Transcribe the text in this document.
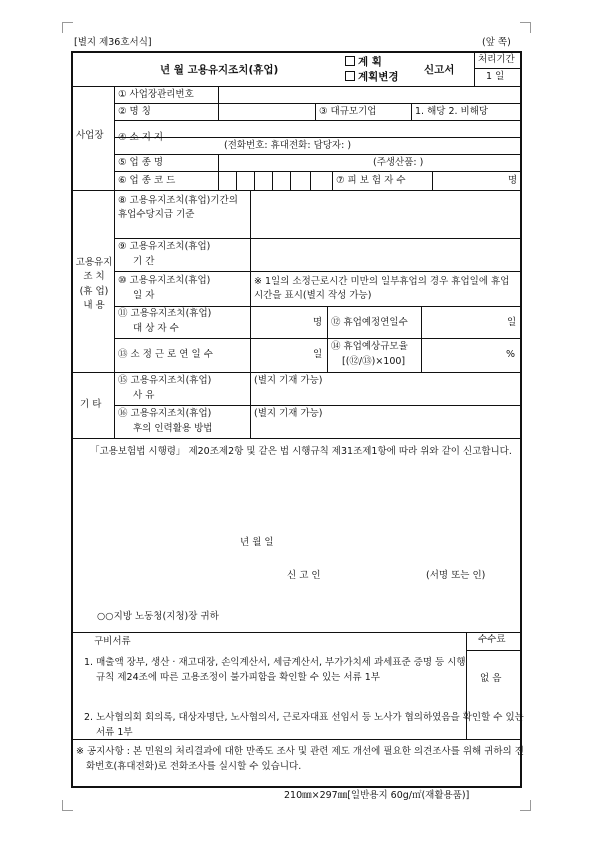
[별지 제36호서식]	(앞 쪽)
년 월 고용유지조치(휴업)
계 획
계획변경
신고서
처리기간
1 일
사업장
① 사업장관리번호
② 명 칭	③ 대규모기업	1. 해당 2. 비해당
④ 소 지 지
(전화번호: 휴대전화: 담당자: )
⑤ 업 종 명	(주생산품: )
⑥ 업 종 코 드	⑦ 피 보 험 자 수	명
고용유지
조 치
(휴 업)
내 용
⑧ 고용유지조치(휴업)기간의 휴업수당지급 기준
⑨ 고용유지조치(휴업)
기 간
⑩ 고용유지조치(휴업)
일 자
※ 1일의 소정근로시간 미만의 일부휴업의 경우 휴업일에 휴업시간을 표시(별지 작성 가능)
⑪ 고용유지조치(휴업)
대 상 자 수
명 ⑫ 휴업예정연일수	일
⑬ 소 정 근 로 연 일 수	일
⑭ 휴업예상규모율
[(⑫/⑬)×100]
%
기 타
⑮ 고용유지조치(휴업)
사 유
(별지 기재 가능)
⑯ 고용유지조치(휴업)
후의 인력활용 방법
(별지 기재 가능)
「고용보험법 시행령」 제20조제2항 및 같은 법 시행규칙 제31조제1항에 따라 위와 같이 신고합니다.
년 월 일
신 고 인	(서명 또는 인)
○○지방 노동청(지청)장 귀하
구비서류
1. 매출액 장부, 생산 · 재고대장, 손익계산서, 세금계산서, 부가가치세 과세표준 증명 등 시행규칙 제24조에 따른 고용조정이 불가피함을 확인할 수 있는 서류 1부
2. 노사협의회 회의록, 대상자명단, 노사협의서, 근로자대표 선임서 등 노사가 협의하였음을 확인할 수 있는 서류 1부
수수료
없 음
※ 공지사항 : 본 민원의 처리결과에 대한 만족도 조사 및 관련 제도 개선에 필요한 의견조사를 위해 귀하의 전화번호(휴대전화)로 전화조사를 실시할 수 있습니다.
210㎜×297㎜[일반용지 60g/㎡(재활용품)]
